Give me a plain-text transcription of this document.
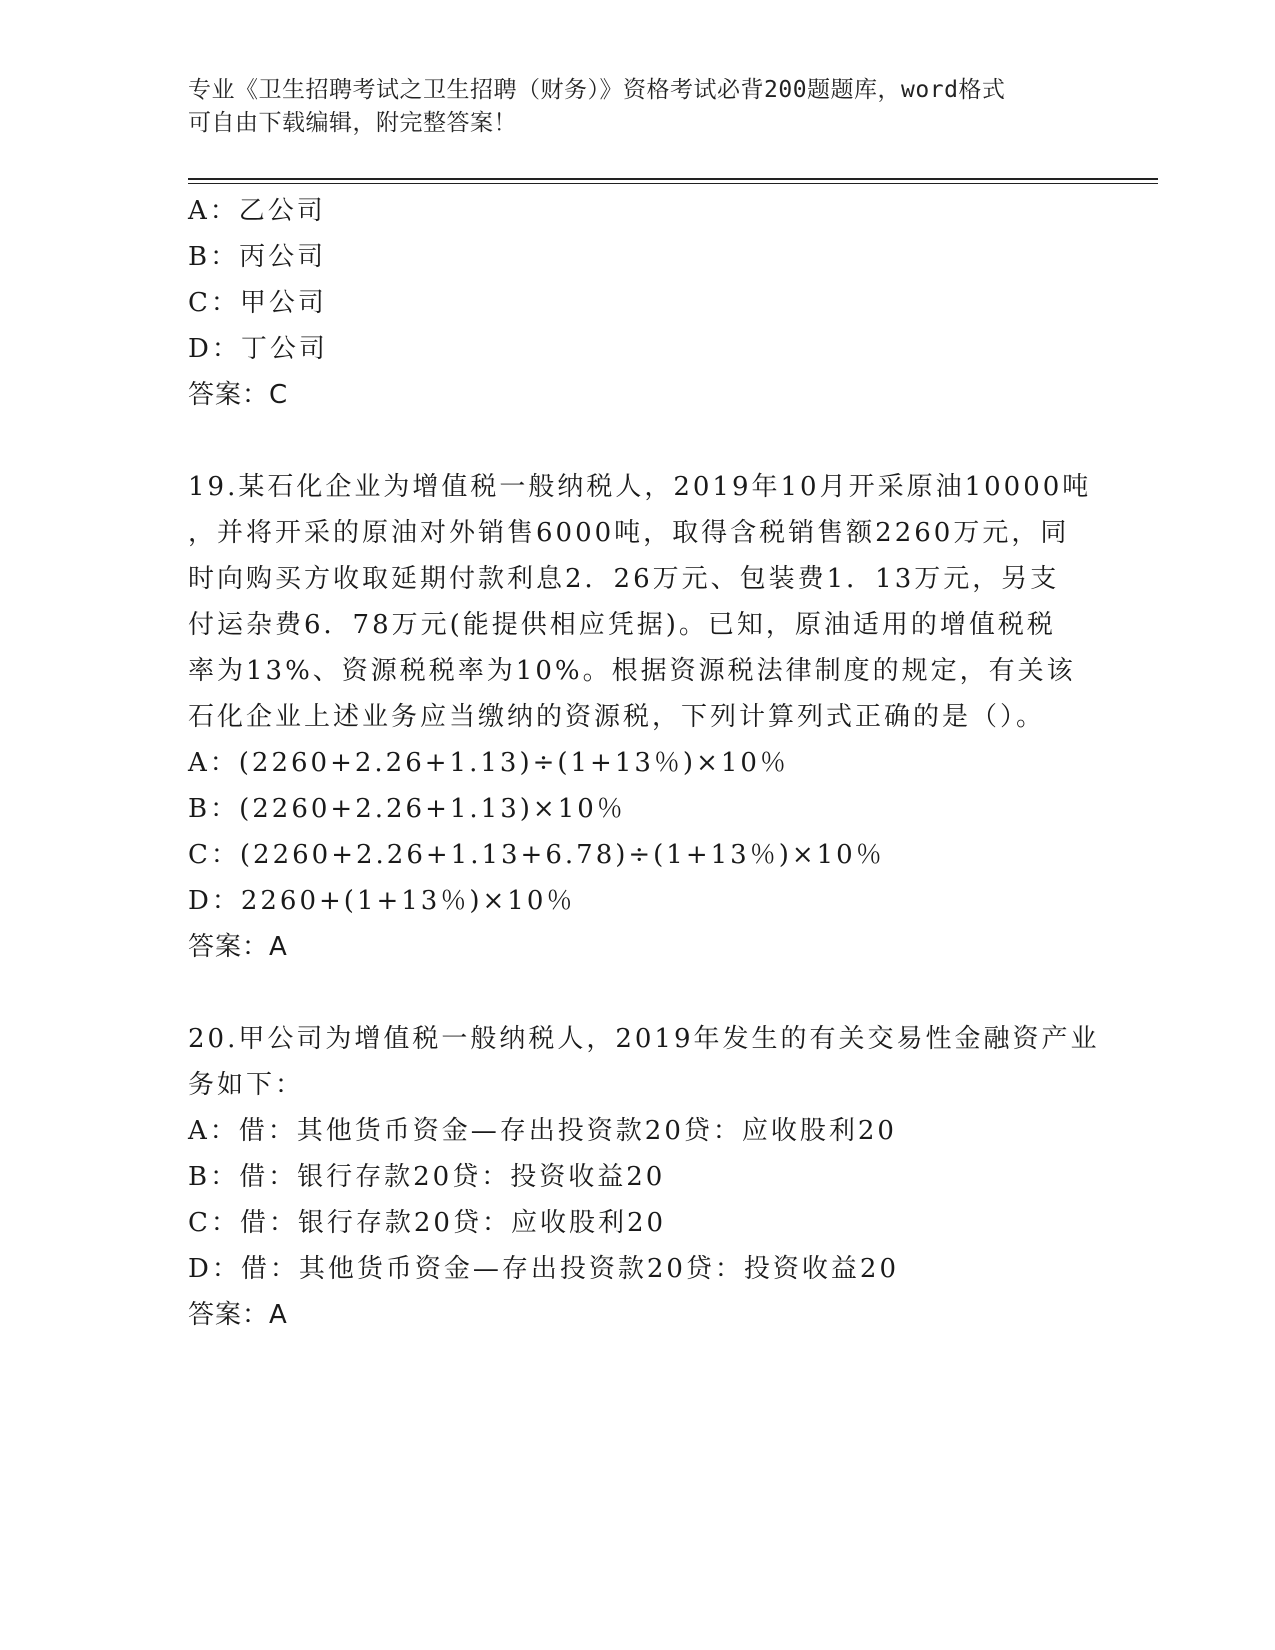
专业《卫生招聘考试之卫生招聘（财务）》资格考试必背200题题库，word格式
可自由下载编辑，附完整答案！
A：乙公司
B：丙公司
C：甲公司
D：丁公司
答案：C
19.某石化企业为增值税一般纳税人，2019年10月开采原油10000吨
，并将开采的原油对外销售6000吨，取得含税销售额2260万元，同
时向购买方收取延期付款利息2．26万元、包装费1．13万元，另支
付运杂费6．78万元(能提供相应凭据)。已知，原油适用的增值税税
率为13%、资源税税率为10%。根据资源税法律制度的规定，有关该
石化企业上述业务应当缴纳的资源税，下列计算列式正确的是（）。
A：(2260+2.26+1.13)÷(1+13％)×10％
B：(2260+2.26+1.13)×10％
C：(2260+2.26+1.13+6.78)÷(1+13％)×10％
D：2260+(1+13％)×10％
答案：A
20.甲公司为增值税一般纳税人，2019年发生的有关交易性金融资产业
务如下：
A：借：其他货币资金—存出投资款20贷：应收股利20
B：借：银行存款20贷：投资收益20
C：借：银行存款20贷：应收股利20
D：借：其他货币资金—存出投资款20贷：投资收益20
答案：A
